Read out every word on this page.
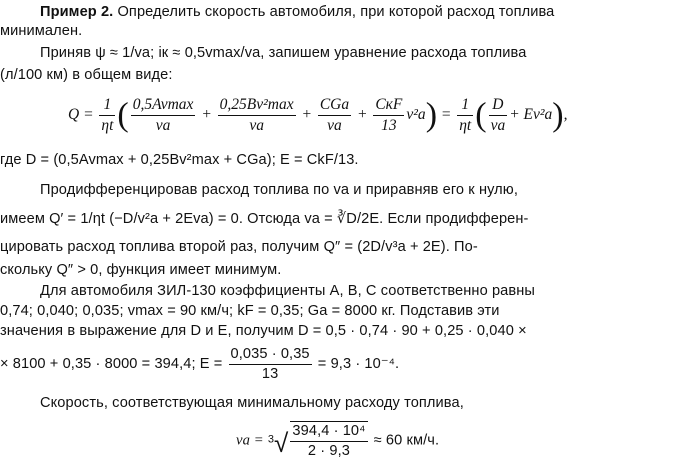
Пример 2. Определить скорость автомобиля, при которой расход топлива
минимален.
Приняв ψ ≈ 1/vа; iк ≈ 0,5vmax/vа, запишем уравнение расхода топлива
(л/100 км) в общем виде:
$Q = \frac{1}{\eta t}$ ( 0,5Avmax
vа
+
0,25Bv²max
vа
+
CGа
vа
+
CкF
13
$v^2а) = \frac{1}{\eta t}$ ( D
vа
+ Ev²а),
где D = (0,5Avmax + 0,25Bv²max + CGа); E = CkF/13.
Продифференцировав расход топлива по vа и приравняв его к нулю,
имеем Q′ = 1/ηt (−D/v²а + 2Evа) = 0. Отсюда vа = ∛D/2E. Если продифферен-
цировать расход топлива второй раз, получим Q″ = (2D/v³а + 2E). По-
скольку Q″ > 0, функция имеет минимум.
Для автомобиля ЗИЛ-130 коэффициенты A, B, C соответственно равны
0,74; 0,040; 0,035; vmax = 90 км/ч; kF = 0,35; Gа = 8000 кг. Подставив эти
значения в выражение для D и E, получим D = 0,5 · 0,74 · 90 + 0,25 · 0,040 ×
× 8100 + 0,35 · 8000 = 394,4; $E = \frac{0,035 \cdot 0,35}{13} = 9,3 \cdot 10^{-4}$.
Скорость, соответствующая минимальному расходу топлива,
vа = $^3√ \frac{\text{394,4 · 10⁴}}{2 \cdot 9,3} \approx 60$ км/ч.
